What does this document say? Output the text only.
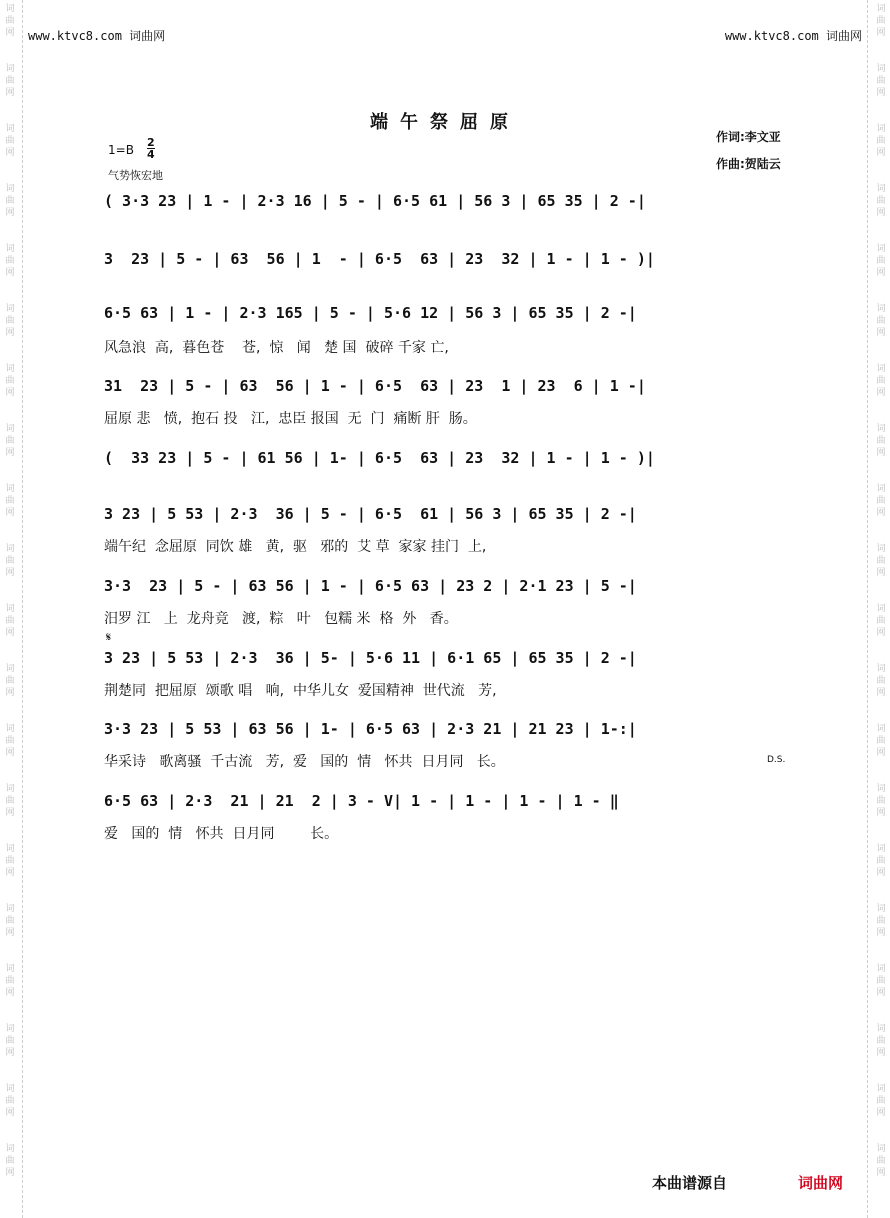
词
曲
网
词
曲
网
词
曲
网
词
曲
网
词
曲
网
词
曲
网
词
曲
网
词
曲
网
词
曲
网
词
曲
网
词
曲
网
词
曲
网
词
曲
网
词
曲
网
词
曲
网
词
曲
网
词
曲
网
词
曲
网
词
曲
网
词
曲
网
词
曲
网
词
曲
网
词
曲
网
词
曲
网
词
曲
网
词
曲
网
词
曲
网
词
曲
网
词
曲
网
词
曲
网
词
曲
网
词
曲
网
词
曲
网
词
曲
网
词
曲
网
词
曲
网
词
曲
网
词
曲
网
词
曲
网
词
曲
网
www.ktvc8.com 词曲网	www.ktvc8.com 词曲网
端午祭屈原
作词:李文亚
作曲:贺陆云
1=B
2
4
气势恢宏地
( 3·3 23 | 1 - | 2·3 16 | 5 - | 6·5 61 | 56 3 | 65 35 | 2 -|
3  23 | 5 - | 63  56 | 1  - | 6·5  63 | 23  32 | 1 - | 1 - )|
6·5 63 | 1 - | 2·3 165 | 5 - | 5·6 12 | 56 3 | 65 35 | 2 -|
风急浪  高,  暮色苍    苍,  惊   闻   楚 国  破碎 千家 亡,
31  23 | 5 - | 63  56 | 1 - | 6·5  63 | 23  1 | 23  6 | 1 -|
屈原 悲   愤,  抱石 投   江,  忠臣 报国  无  门  痛断 肝  肠。
(  33 23 | 5 - | 61 56 | 1- | 6·5  63 | 23  32 | 1 - | 1 - )|
3 23 | 5 53 | 2·3  36 | 5 - | 6·5  61 | 56 3 | 65 35 | 2 -|
端午纪  念屈原  同饮 雄   黄,  驱   邪的  艾 草  家家 挂门  上,
3·3  23 | 5 - | 63 56 | 1 - | 6·5 63 | 23 2 | 2·1 23 | 5 -|
汨罗 江   上  龙舟竞   渡,  粽   叶   包糯 米  格  外   香。
𝄋
3 23 | 5 53 | 2·3  36 | 5- | 5·6 11 | 6·1 65 | 65 35 | 2 -|
荆楚同  把屈原  颂歌 唱   响,  中华儿女  爱国精神  世代流   芳,
3·3 23 | 5 53 | 63 56 | 1- | 6·5 63 | 2·3 21 | 21 23 | 1-:|
华采诗   歌离骚  千古流   芳,  爱   国的  情   怀共  日月同   长。	D.S.
6·5 63 | 2·3  21 | 21  2 | 3 - V| 1 - | 1 - | 1 - | 1 - ‖
爱   国的  情   怀共  日月同        长。
本曲谱源自	词曲网
